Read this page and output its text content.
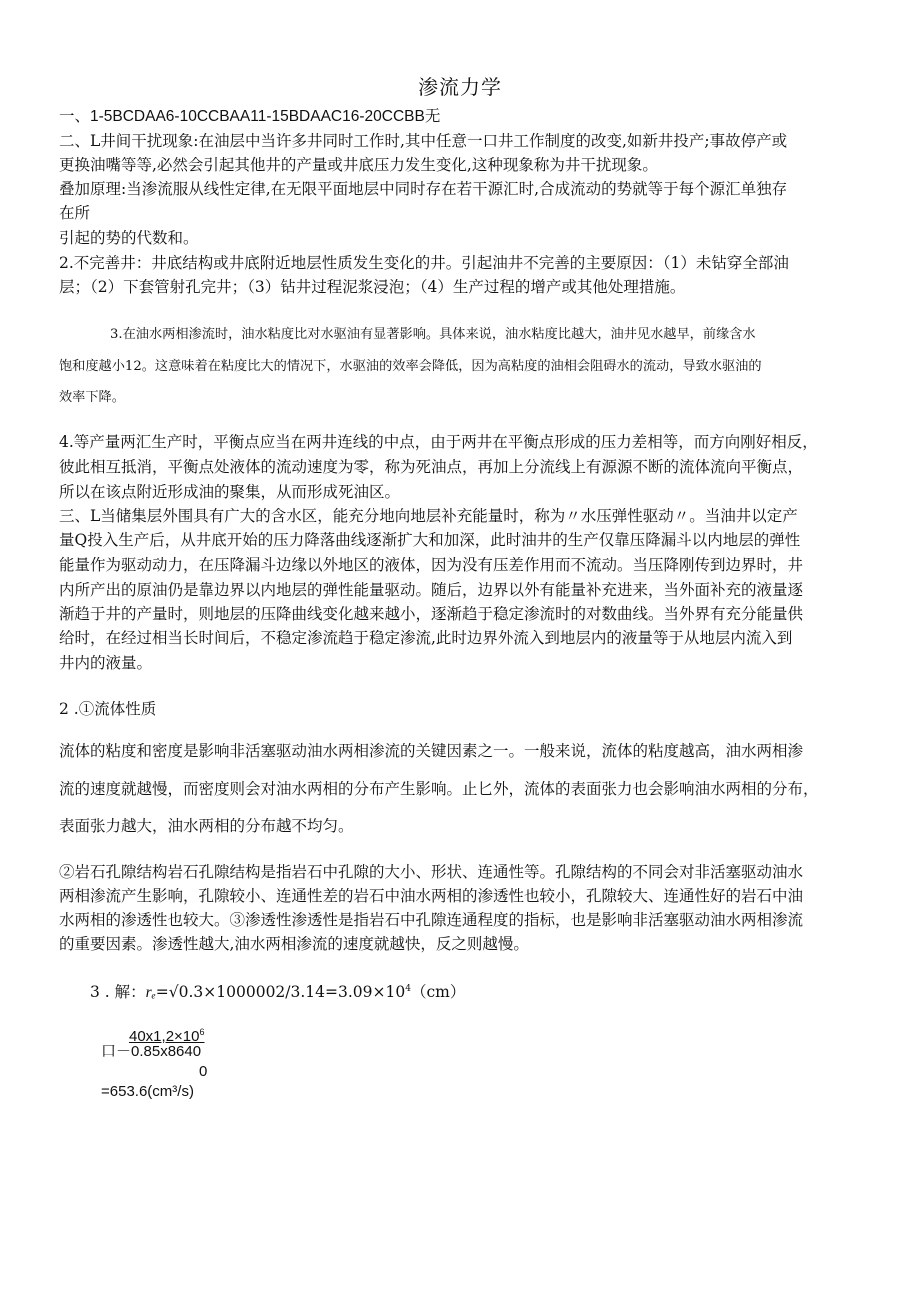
渗流力学
一、1-5BCDAA6-10CCBAA11-15BDAAC16-20CCBB无
二、L井间干扰现象:在油层中当许多井同时工作时,其中任意一口井工作制度的改变,如新井投产;事故停产或
更换油嘴等等,必然会引起其他井的产量或井底压力发生变化,这种现象称为井干扰现象。
叠加原理:当渗流服从线性定律,在无限平面地层中同时存在若干源汇时,合成流动的势就等于每个源汇单独存
在所
引起的势的代数和。
2.不完善井：井底结构或井底附近地层性质发生变化的井。引起油井不完善的主要原因：（1）未钻穿全部油
层；（2）下套管射孔完井；（3）钻井过程泥浆浸泡；（4）生产过程的增产或其他处理措施。
3.在油水两相渗流时，油水粘度比对水驱油有显著影响。具体来说，油水粘度比越大，油井见水越早，前缘含水
饱和度越小12。这意味着在粘度比大的情况下，水驱油的效率会降低，因为高粘度的油相会阻碍水的流动，导致水驱油的
效率下降。
4.等产量两汇生产时，平衡点应当在两井连线的中点，由于两井在平衡点形成的压力差相等，而方向刚好相反，
彼此相互抵消，平衡点处液体的流动速度为零，称为死油点，再加上分流线上有源源不断的流体流向平衡点，
所以在该点附近形成油的聚集，从而形成死油区。
三、L当储集层外围具有广大的含水区，能充分地向地层补充能量时，称为〃水压弹性驱动〃。当油井以定产
量Q投入生产后，从井底开始的压力降落曲线逐渐扩大和加深，此时油井的生产仅靠压降漏斗以内地层的弹性
能量作为驱动动力，在压降漏斗边缘以外地区的液体，因为没有压差作用而不流动。当压降刚传到边界时，井
内所产出的原油仍是靠边界以内地层的弹性能量驱动。随后，边界以外有能量补充进来，当外面补充的液量逐
渐趋于井的产量时，则地层的压降曲线变化越来越小，逐渐趋于稳定渗流时的对数曲线。当外界有充分能量供
给时，在经过相当长时间后，不稳定渗流趋于稳定渗流,此时边界外流入到地层内的液量等于从地层内流入到
井内的液量。
2 .①流体性质
流体的粘度和密度是影响非活塞驱动油水两相渗流的关键因素之一。一般来说，流体的粘度越高，油水两相渗
流的速度就越慢，而密度则会对油水两相的分布产生影响。止匕外，流体的表面张力也会影响油水两相的分布，
表面张力越大，油水两相的分布越不均匀。
②岩石孔隙结构岩石孔隙结构是指岩石中孔隙的大小、形状、连通性等。孔隙结构的不同会对非活塞驱动油水
两相渗流产生影响，孔隙较小、连通性差的岩石中油水两相的渗透性也较小，孔隙较大、连通性好的岩石中油
水两相的渗透性也较大。③渗透性渗透性是指岩石中孔隙连通程度的指标，也是影响非活塞驱动油水两相渗流
的重要因素。渗透性越大,油水两相渗流的速度就越快，反之则越慢。
3 . 解：$r_e=√0.3\times 1000002/3.14=3.09\times 10^4(cm)$
$40x1,2\times 10^6$
口－0.85x8640
0
=653.6(cm³/s)
